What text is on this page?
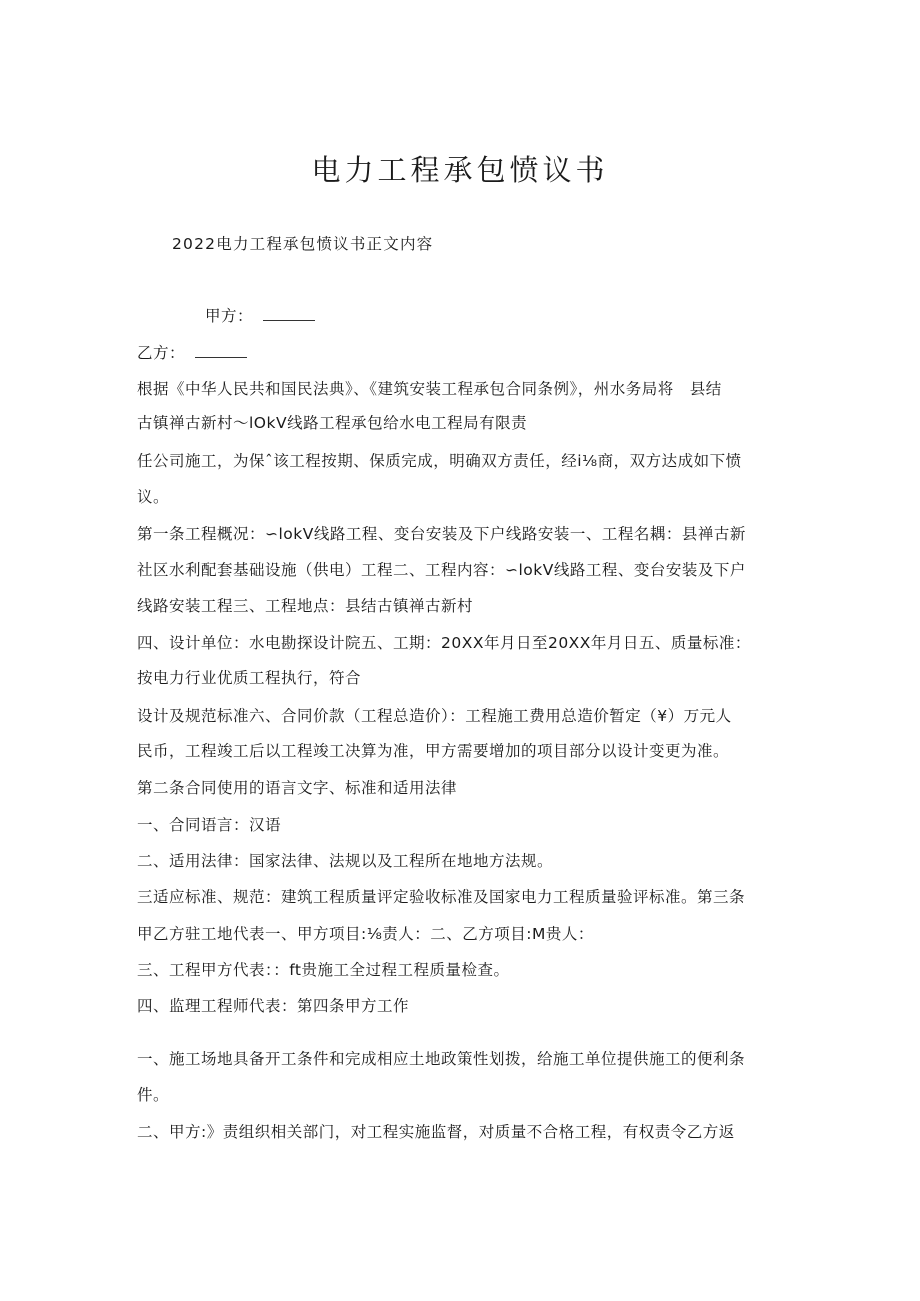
电力工程承包愤议书

2022电力工程承包愤议书正文内容

甲方：

乙方：

根据《中华人民共和国民法典》、《建筑安装工程承包合同条例》，州水务局将　县结

古镇禅古新村～lOkV线路工程承包给水电工程局有限责

任公司施工，为保ˆ该工程按期、保质完成，明确双方责任，经i⅛商，双方达成如下愤

议。

第一条工程概况：∽lokV线路工程、变台安装及下户线路安装一、工程名耦：县禅古新

社区水利配套基础设施（供电）工程二、工程内容：∽lokV线路工程、变台安装及下户

线路安装工程三、工程地点：县结古镇禅古新村

四、设计单位：水电勘探设计院五、工期：20XX年月日至20XX年月日五、质量标准：

按电力行业优质工程执行，符合

设计及规范标准六、合同价款（工程总造价）：工程施工费用总造价暂定（¥）万元人

民币，工程竣工后以工程竣工决算为准，甲方需要增加的项目部分以设计变更为准。

第二条合同使用的语言文字、标准和适用法律

一、合同语言：汉语

二、适用法律：国家法律、法规以及工程所在地地方法规。

三适应标准、规范：建筑工程质量评定验收标准及国家电力工程质量验评标准。第三条

甲乙方驻工地代表一、甲方项目:⅛责人：二、乙方项目:M贵人：

三、工程甲方代表：：ft贵施工全过程工程质量检查。

四、监理工程师代表：第四条甲方工作

一、施工场地具备开工条件和完成相应土地政策性划拨，给施工单位提供施工的便利条

件。

二、甲方:》责组织相关部门，对工程实施监督，对质量不合格工程，有权责令乙方返
